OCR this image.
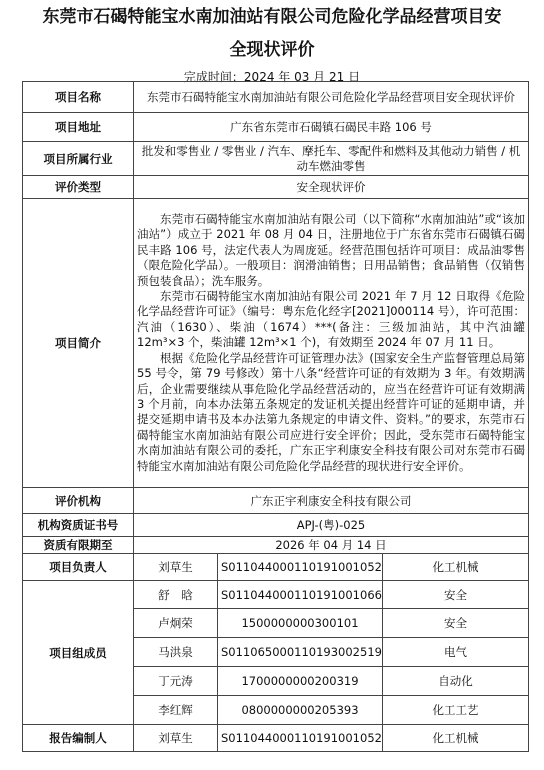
东莞市石碣特能宝水南加油站有限公司危险化学品经营项目安
全现状评价
完成时间：2024 年 03 月 21 日
项目名称	东莞市石碣特能宝水南加油站有限公司危险化学品经营项目安全现状评价		
项目地址	广东省东莞市石碣镇石碣民丰路 106 号		
项目所属行业	批发和零售业 / 零售业 / 汽车、摩托车、零配件和燃料及其他动力销售 / 机动车燃油零售		
评价类型	安全现状评价		
项目简介	东莞市石碣特能宝水南加油站有限公司（以下简称“水南加油站”或“该加油站”）成立于 2021 年 08 月 04 日，注册地位于广东省东莞市石碣镇石碣民丰路 106 号，法定代表人为周庞延。经营范围包括许可项目：成品油零售（限危险化学品）。一般项目：润滑油销售；日用品销售；食品销售（仅销售预包装食品）；洗车服务。

东莞市石碣特能宝水南加油站有限公司 2021 年 7 月 12 日取得《危险化学品经营许可证》（编号：粤东危化经字[2021]000114 号），许可范围：汽油（1630）、柴油（1674）***(备注：三级加油站，其中汽油罐 12m³×3 个，柴油罐 12m³×1 个)，有效期至 2024 年 07 月 11 日。

根据《危险化学品经营许可证管理办法》(国家安全生产监督管理总局第 55 号令，第 79 号修改）第十八条“经营许可证的有效期为 3 年。有效期满后，企业需要继续从事危险化学品经营活动的，应当在经营许可证有效期满 3 个月前，向本办法第五条规定的发证机关提出经营许可证的延期申请，并提交延期申请书及本办法第九条规定的申请文件、资料。”的要求，东莞市石碣特能宝水南加油站有限公司应进行安全评价；因此，受东莞市石碣特能宝水南加油站有限公司的委托，广东正宇利康安全科技有限公司对东莞市石碣特能宝水南加油站有限公司危险化学品经营的现状进行安全评价。		

评价机构	广东正宇利康安全科技有限公司		
机构资质证书号	APJ-(粤)-025		
资质有限期至	2026 年 04 月 14 日		
项目负责人	刘草生	S011044000110191001052	化工机械
项目组成员	舒　晗	S011044000110191001066	安全
	卢炯荣	1500000000300101	安全
	马洪泉	S011065000110193002519	电气
	丁元涛	1700000000200319	自动化
	李红辉	0800000000205393	化工工艺
报告编制人	刘草生	S011044000110191001052	化工机械
